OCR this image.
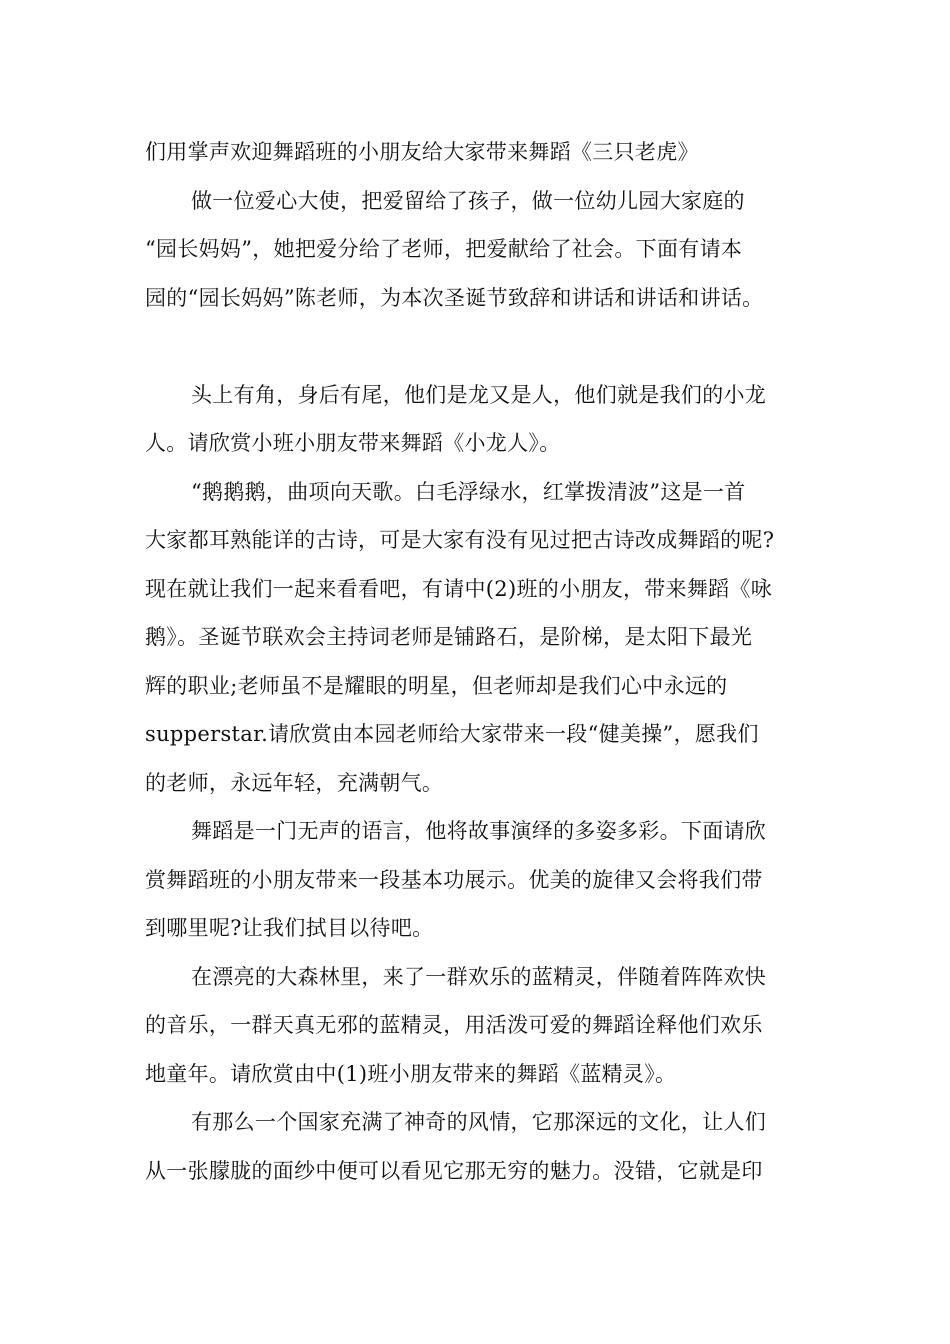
们用掌声欢迎舞蹈班的小朋友给大家带来舞蹈《三只老虎》
做一位爱心大使，把爱留给了孩子，做一位幼儿园大家庭的
“园长妈妈”，她把爱分给了老师，把爱献给了社会。下面有请本
园的“园长妈妈”陈老师，为本次圣诞节致辞和讲话和讲话和讲话。
头上有角，身后有尾，他们是龙又是人，他们就是我们的小龙
人。请欣赏小班小朋友带来舞蹈《小龙人》。
“鹅鹅鹅，曲项向天歌。白毛浮绿水，红掌拨清波”这是一首
大家都耳熟能详的古诗，可是大家有没有见过把古诗改成舞蹈的呢?
现在就让我们一起来看看吧，有请中(2)班的小朋友，带来舞蹈《咏
鹅》。圣诞节联欢会主持词老师是铺路石，是阶梯，是太阳下最光
辉的职业;老师虽不是耀眼的明星，但老师却是我们心中永远的
supperstar.请欣赏由本园老师给大家带来一段“健美操”，愿我们
的老师，永远年轻，充满朝气。
舞蹈是一门无声的语言，他将故事演绎的多姿多彩。下面请欣
赏舞蹈班的小朋友带来一段基本功展示。优美的旋律又会将我们带
到哪里呢?让我们拭目以待吧。
在漂亮的大森林里，来了一群欢乐的蓝精灵，伴随着阵阵欢快
的音乐，一群天真无邪的蓝精灵，用活泼可爱的舞蹈诠释他们欢乐
地童年。请欣赏由中(1)班小朋友带来的舞蹈《蓝精灵》。
有那么一个国家充满了神奇的风情，它那深远的文化，让人们
从一张朦胧的面纱中便可以看见它那无穷的魅力。没错，它就是印
